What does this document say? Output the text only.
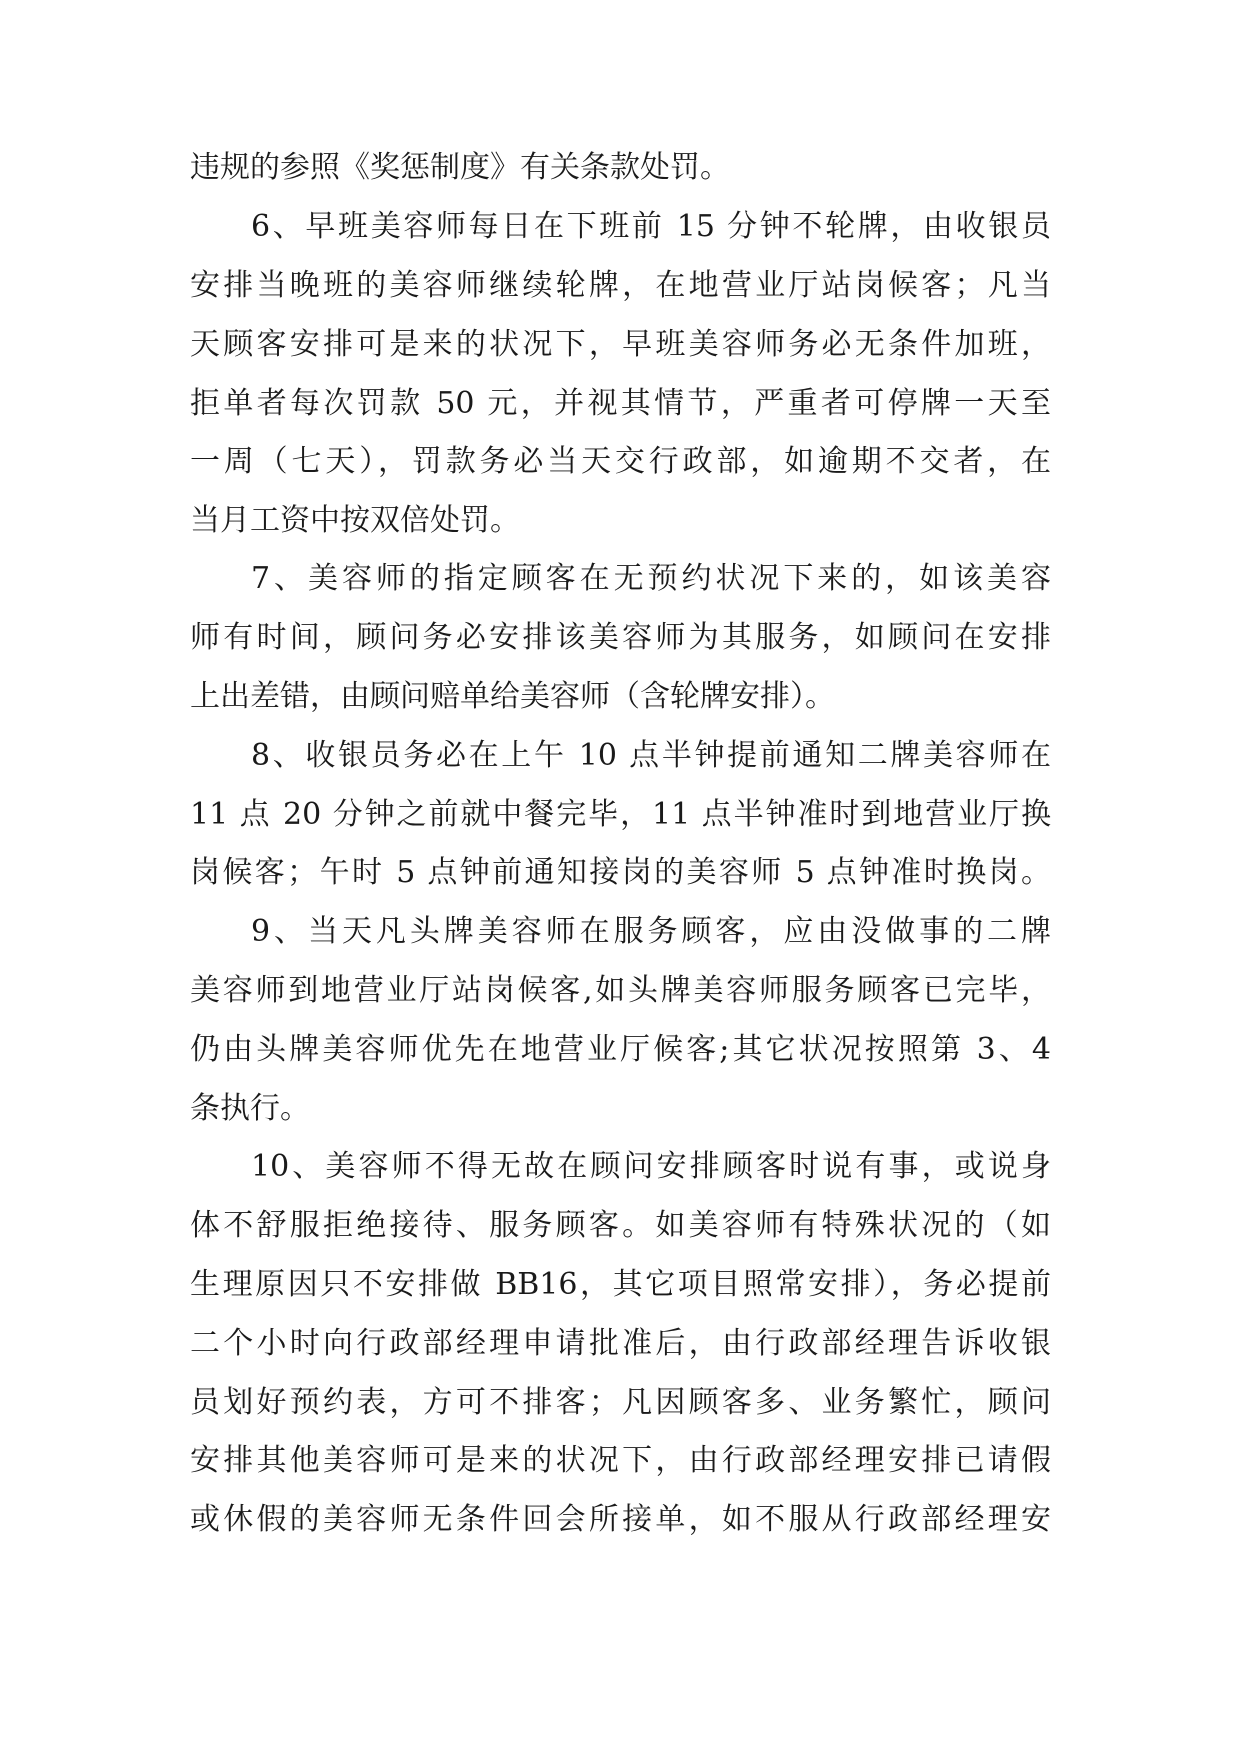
违规的参照《奖惩制度》有关条款处罚。
6、早班美容师每日在下班前 15 分钟不轮牌，由收银员
安排当晚班的美容师继续轮牌，在地营业厅站岗候客；凡当
天顾客安排可是来的状况下，早班美容师务必无条件加班，
拒单者每次罚款 50 元，并视其情节，严重者可停牌一天至
一周（七天），罚款务必当天交行政部，如逾期不交者，在
当月工资中按双倍处罚。
7、美容师的指定顾客在无预约状况下来的，如该美容
师有时间，顾问务必安排该美容师为其服务，如顾问在安排
上出差错，由顾问赔单给美容师（含轮牌安排）。
8、收银员务必在上午 10 点半钟提前通知二牌美容师在
11 点 20 分钟之前就中餐完毕，11 点半钟准时到地营业厅换
岗候客；午时 5 点钟前通知接岗的美容师 5 点钟准时换岗。
9、当天凡头牌美容师在服务顾客，应由没做事的二牌
美容师到地营业厅站岗候客,如头牌美容师服务顾客已完毕，
仍由头牌美容师优先在地营业厅候客;其它状况按照第 3、4
条执行。
10、美容师不得无故在顾问安排顾客时说有事，或说身
体不舒服拒绝接待、服务顾客。如美容师有特殊状况的（如
生理原因只不安排做 BB16，其它项目照常安排），务必提前
二个小时向行政部经理申请批准后，由行政部经理告诉收银
员划好预约表，方可不排客；凡因顾客多、业务繁忙，顾问
安排其他美容师可是来的状况下，由行政部经理安排已请假
或休假的美容师无条件回会所接单，如不服从行政部经理安
